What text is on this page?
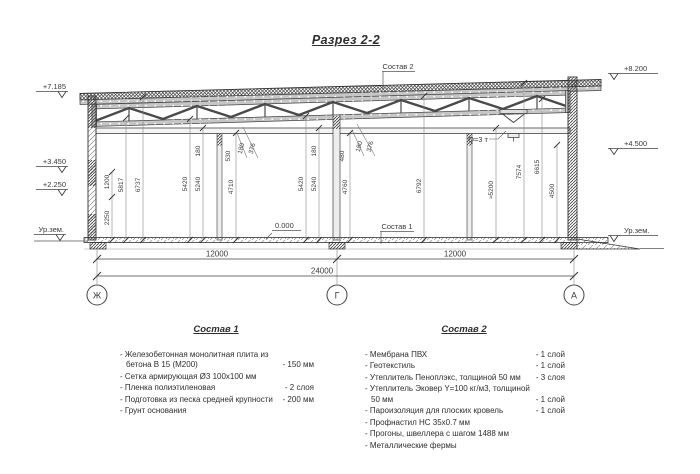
Разрез 2-2
1200
2250
5817 6737	5420 5240
180	530
180 376
4710	5420 5240
180	480
180 376
4760	6792	≈5200
7574 6615
4500
12000	12000
24000
Ж	Г	А
+7.185
+3.450
+2.250
Ур.зем.
+8.200
+4.500
Ур.зем.
Состав 2
Состав 1
0.000
Q=3 т
Состав 1
- Железобетонная монолитная плита из бетона В 15 (М200)	- 150 мм
- Сетка армирующая Ø3 100х100 мм
- Пленка полиэтиленовая	- 2 слоя
- Подготовка из песка средней крупности	- 200 мм
- Грунт основания
Состав 2
- Мембрана ПВХ	- 1 слой
- Геотекстиль	- 1 слой
- Утеплитель Пеноплэкс, толщиной 50 мм	- 3 слоя
- Утеплитель Эковер Y=100 кг/м3, толщиной 50 мм	- 1 слой
- Пароизоляция для плоских кровель	- 1 слой
- Профнастил НС 35х0.7 мм
- Прогоны, швеллера с шагом 1488 мм
- Металлические фермы
